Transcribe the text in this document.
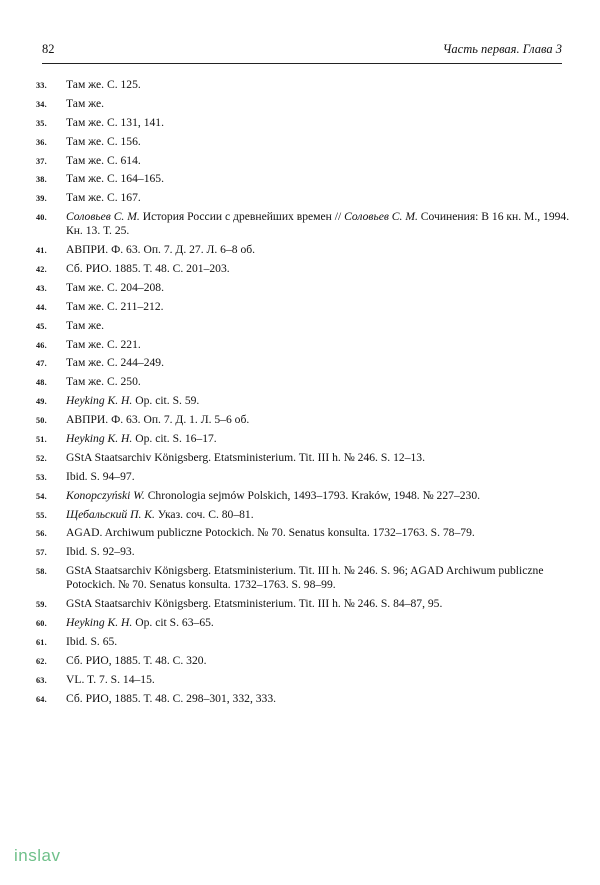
82	Часть первая. Глава 3
33.	Там же. С. 125.
34.	Там же.
35.	Там же. С. 131, 141.
36.	Там же. С. 156.
37.	Там же. С. 614.
38.	Там же. С. 164–165.
39.	Там же. С. 167.
40.	Соловьев С. М. История России с древнейших времен // Соловьев С. М. Сочинения: В 16 кн. М., 1994. Кн. 13. Т. 25.
41.	АВПРИ. Ф. 63. Оп. 7. Д. 27. Л. 6–8 об.
42.	Сб. РИО. 1885. Т. 48. С. 201–203.
43.	Там же. С. 204–208.
44.	Там же. С. 211–212.
45.	Там же.
46.	Там же. С. 221.
47.	Там же. С. 244–249.
48.	Там же. С. 250.
49.	Heyking K. H. Op. cit. S. 59.
50.	АВПРИ. Ф. 63. Оп. 7. Д. 1. Л. 5–6 об.
51.	Heyking K. H. Op. cit. S. 16–17.
52.	GStA Staatsarchiv Königsberg. Etatsministerium. Tit. III h. № 246. S. 12–13.
53.	Ibid. S. 94–97.
54.	Konopczyński W. Chronologia sejmów Polskich, 1493–1793. Kraków, 1948. № 227–230.
55.	Щебальский П. К. Указ. соч. С. 80–81.
56.	AGAD. Archiwum publiczne Potockich. № 70. Senatus konsulta. 1732–1763. S. 78–79.
57.	Ibid. S. 92–93.
58.	GStA Staatsarchiv Königsberg. Etatsministerium. Tit. III h. № 246. S. 96; AGAD Archiwum publiczne Potockich. № 70. Senatus konsulta. 1732–1763. S. 98–99.
59.	GStA Staatsarchiv Königsberg. Etatsministerium. Tit. III h. № 246. S. 84–87, 95.
60.	Heyking K. H. Op. cit S. 63–65.
61.	Ibid. S. 65.
62.	Сб. РИО, 1885. Т. 48. С. 320.
63.	VL. T. 7. S. 14–15.
64.	Сб. РИО, 1885. Т. 48. С. 298–301, 332, 333.
inslav
